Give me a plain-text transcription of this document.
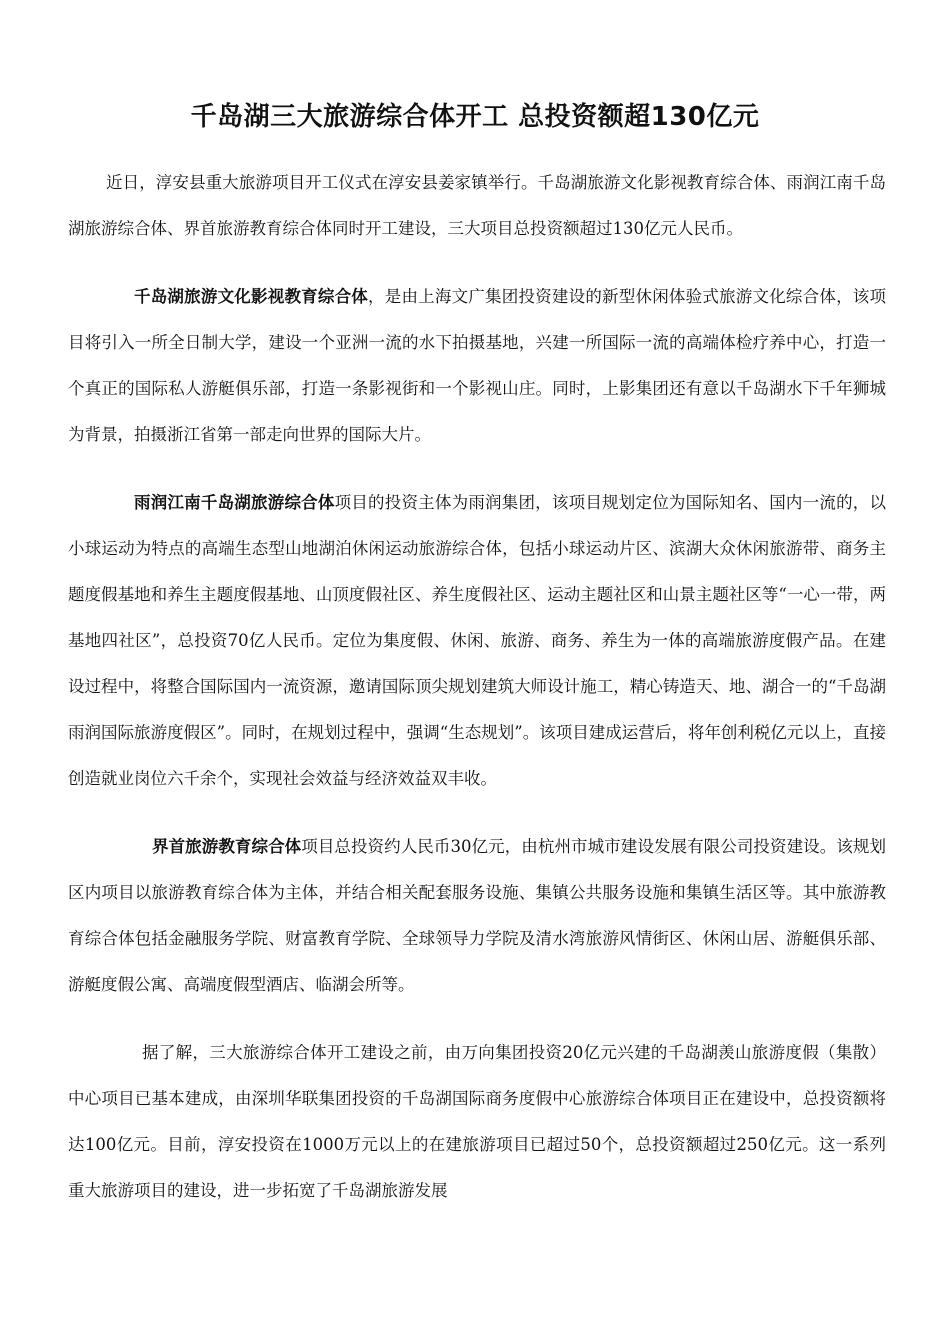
千岛湖三大旅游综合体开工 总投资额超130亿元

近日，淳安县重大旅游项目开工仪式在淳安县姜家镇举行。千岛湖旅游文化影视教育综合体、雨润江南千岛湖旅游综合体、界首旅游教育综合体同时开工建设，三大项目总投资额超过130亿元人民币。

千岛湖旅游文化影视教育综合体，是由上海文广集团投资建设的新型休闲体验式旅游文化综合体，该项目将引入一所全日制大学，建设一个亚洲一流的水下拍摄基地，兴建一所国际一流的高端体检疗养中心，打造一个真正的国际私人游艇俱乐部，打造一条影视街和一个影视山庄。同时，上影集团还有意以千岛湖水下千年狮城为背景，拍摄浙江省第一部走向世界的国际大片。

雨润江南千岛湖旅游综合体项目的投资主体为雨润集团，该项目规划定位为国际知名、国内一流的，以小球运动为特点的高端生态型山地湖泊休闲运动旅游综合体，包括小球运动片区、滨湖大众休闲旅游带、商务主题度假基地和养生主题度假基地、山顶度假社区、养生度假社区、运动主题社区和山景主题社区等“一心一带，两基地四社区”，总投资70亿人民币。定位为集度假、休闲、旅游、商务、养生为一体的高端旅游度假产品。在建设过程中，将整合国际国内一流资源，邀请国际顶尖规划建筑大师设计施工，精心铸造天、地、湖合一的“千岛湖雨润国际旅游度假区”。同时，在规划过程中，强调“生态规划”。该项目建成运营后，将年创利税亿元以上，直接创造就业岗位六千余个，实现社会效益与经济效益双丰收。

界首旅游教育综合体项目总投资约人民币30亿元，由杭州市城市建设发展有限公司投资建设。该规划区内项目以旅游教育综合体为主体，并结合相关配套服务设施、集镇公共服务设施和集镇生活区等。其中旅游教育综合体包括金融服务学院、财富教育学院、全球领导力学院及清水湾旅游风情街区、休闲山居、游艇俱乐部、游艇度假公寓、高端度假型酒店、临湖会所等。

据了解，三大旅游综合体开工建设之前，由万向集团投资20亿元兴建的千岛湖羡山旅游度假（集散）中心项目已基本建成，由深圳华联集团投资的千岛湖国际商务度假中心旅游综合体项目正在建设中，总投资额将达100亿元。目前，淳安投资在1000万元以上的在建旅游项目已超过50个，总投资额超过250亿元。这一系列重大旅游项目的建设，进一步拓宽了千岛湖旅游发展
